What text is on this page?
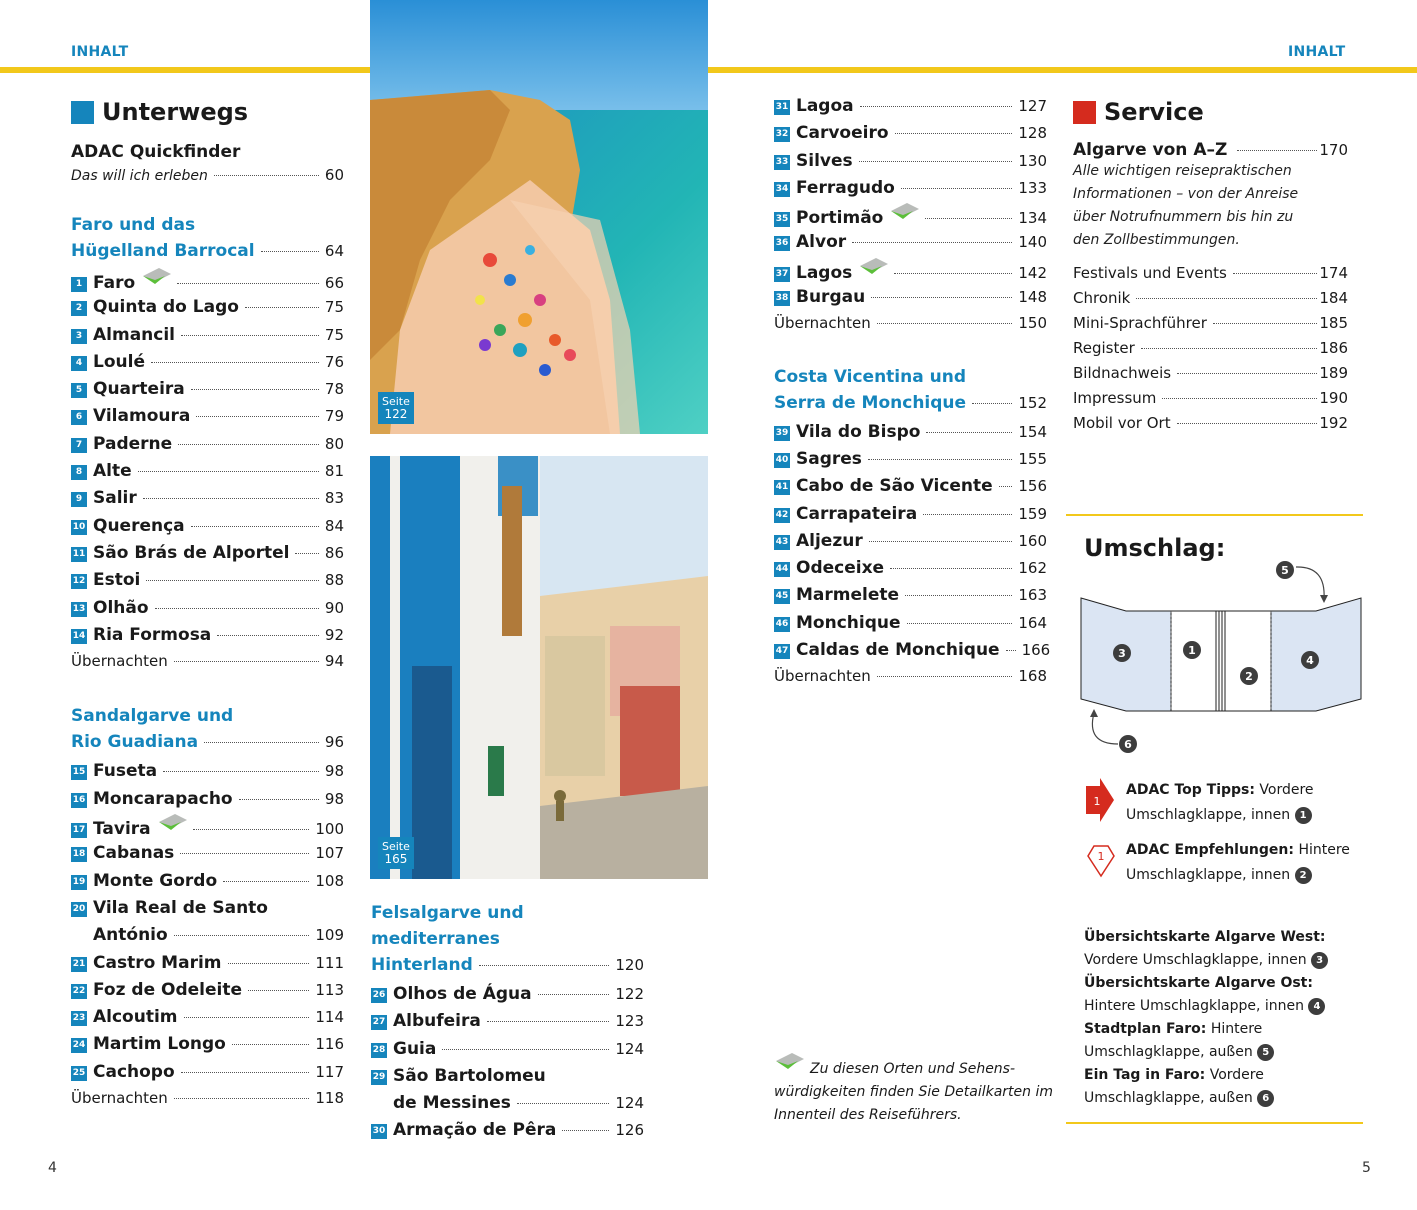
INHALT	INHALT
Seite
122
Seite
165
Unterwegs
ADAC Quickfinder
Das will ich erleben	60
Faro und das
Hügelland Barrocal	64
1 Faro	66
2 Quinta do Lago	75
3 Almancil	75
4 Loulé	76
5 Quarteira	78
6 Vilamoura	79
7 Paderne	80
8 Alte	81
9 Salir	83
10 Querença	84
11 São Brás de Alportel 86
12 Estoi	88
13 Olhão	90
14 Ria Formosa	92
Übernachten	94
Sandalgarve und
Rio Guadiana	96
15 Fuseta	98
16 Moncarapacho	98
17 Tavira	100
18 Cabanas	107
19 Monte Gordo	108
20 Vila Real de Santo
António	109
21 Castro Marim	111
22 Foz de Odeleite	113
23 Alcoutim	114
24 Martim Longo	116
25 Cachopo	117
Übernachten	118
Felsalgarve und mediterranes
Hinterland	120
26 Olhos de Água	122
27 Albufeira	123
28 Guia	124
29 São Bartolomeu
de Messines	124
30 Armação de Pêra	126
31 Lagoa	127
32 Carvoeiro	128
33 Silves	130
34 Ferragudo	133
35 Portimão	134
36 Alvor	140
37 Lagos	142
38 Burgau	148
Übernachten	150
Costa Vicentina und
Serra de Monchique	152
39 Vila do Bispo	154
40 Sagres	155
41 Cabo de São Vicente 156
42 Carrapateira	159
43 Aljezur	160
44 Odeceixe	162
45 Marmelete	163
46 Monchique	164
47 Caldas de Monchique 166
Übernachten	168
Zu diesen Orten und Sehens-würdigkeiten finden Sie Detailkarten im Innenteil des Reiseführers.
Service
Algarve von A–Z	170
Alle wichtigen reisepraktischen Informationen – von der Anreise über Notrufnummern bis hin zu den Zollbestimmungen.
Festivals und Events	174
Chronik	184
Mini-Sprachführer	185
Register	186
Bildnachweis	189
Impressum	190
Mobil vor Ort	192
Umschlag:
3	1
2
4
5
6
1
ADAC Top Tipps: Vordere Umschlagklappe, innen 1
1	ADAC Empfehlungen: Hintere Umschlagklappe, innen 2
Übersichtskarte Algarve West: Vordere Umschlagklappe, innen 3
Übersichtskarte Algarve Ost: Hintere Umschlagklappe, innen 4
Stadtplan Faro: Hintere Umschlagklappe, außen 5
Ein Tag in Faro: Vordere Umschlagklappe, außen 6
4	5
